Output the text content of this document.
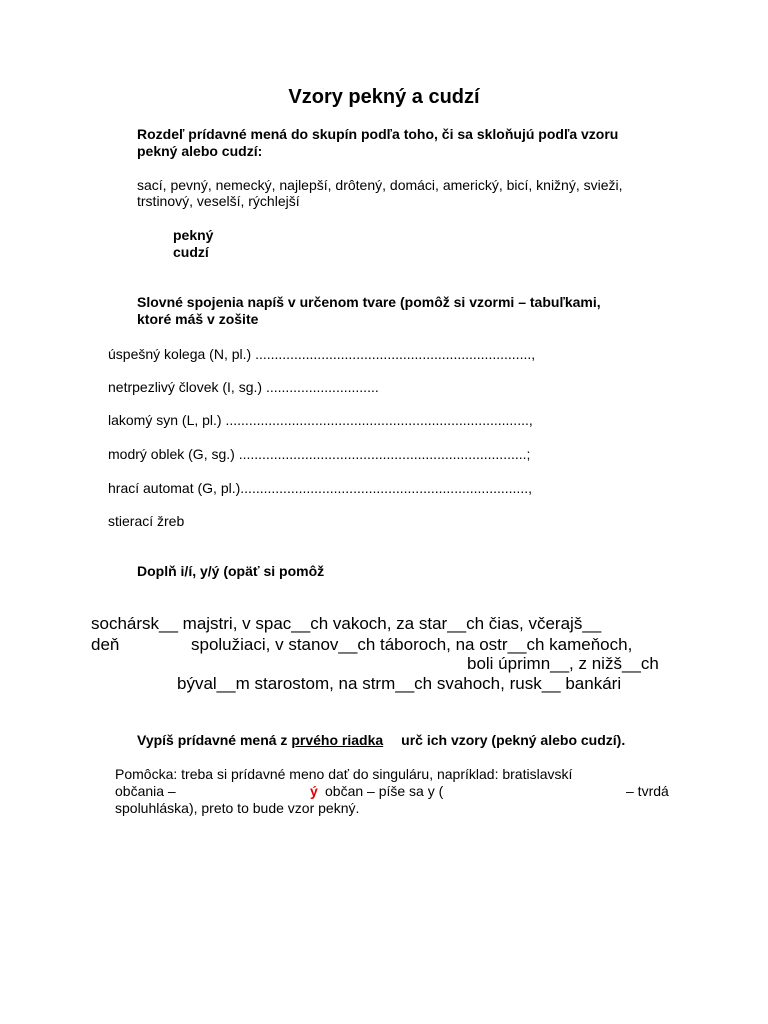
Vzory pekný a cudzí
Rozdeľ prídavné mená do skupín podľa toho, či sa skloňujú podľa vzoru
pekný alebo cudzí:
sací, pevný, nemecký, najlepší, drôtený, domáci, americký, bicí, knižný, svieži,
trstinový, veselší, rýchlejší
pekný
cudzí
Slovné spojenia napíš v určenom tvare (pomôž si vzormi – tabuľkami,
ktoré máš v zošite
úspešný kolega (N, pl.) .......................................................................,
netrpezlivý človek (I, sg.) .............................
lakomý syn (L, pl.) ..............................................................................,
modrý oblek (G, sg.) ..........................................................................;
hrací automat (G, pl.)..........................................................................,
stierací žreb
Doplň i/í, y/ý (opäť si pomôž
sochársk__ majstri, v spac__ch vakoch, za star__ch čias, včerajš__
deň	spolužiaci, v stanov__ch táboroch, na ostr__ch kameňoch,
boli úprimn__, z nižš__ch
býval__m starostom, na strm__ch svahoch, rusk__ bankári
Vypíš prídavné mená z prvého riadka urč ich vzory (pekný alebo cudzí).
Pomôcka: treba si prídavné meno dať do singuláru, napríklad: bratislavskí
občania –	ý občan – píše sa y (	– tvrdá
spoluhláska), preto to bude vzor pekný.
